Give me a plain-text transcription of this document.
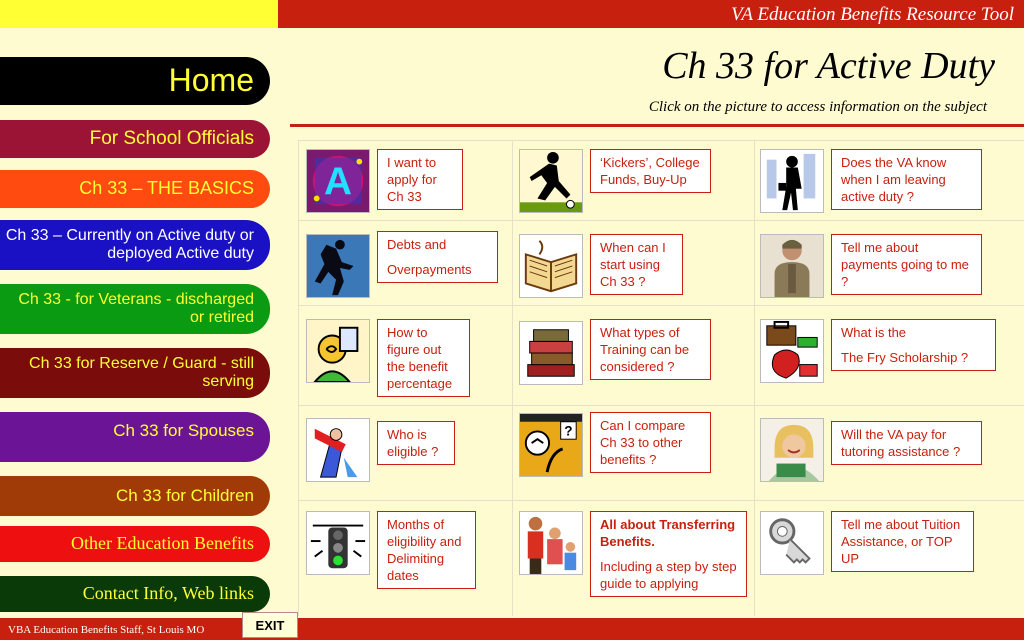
VA Education Benefits Resource Tool
Ch 33 for Active Duty
Click on the picture to access information on the subject
Home
For School Officials
Ch 33 – THE BASICS
Ch 33 – Currently on Active duty or deployed Active duty
Ch 33 - for Veterans - discharged or retired
Ch 33 for Reserve / Guard - still serving
Ch 33 for Spouses
Ch 33 for Children
Other Education Benefits
Contact Info, Web links
A	I want to apply for Ch 33

Debts and

Overpayments

How to figure out the benefit percentage

Who is eligible ?

Months of eligibility and Delimiting dates

‘Kickers’, College Funds, Buy-Up

When can I start using Ch 33 ?

What types of Training can be considered ?

? Can I compare Ch 33 to other benefits ?

All about Transferring Benefits.

Including a step by step guide to applying

Does the VA know when I am leaving active duty ?

Tell me about payments going to me ?

What is the

The Fry Scholarship ?

Will the VA pay for tutoring assistance ?

Tell me about Tuition Assistance, or TOP UP

VBA Education Benefits Staff, St Louis MO	EXIT
